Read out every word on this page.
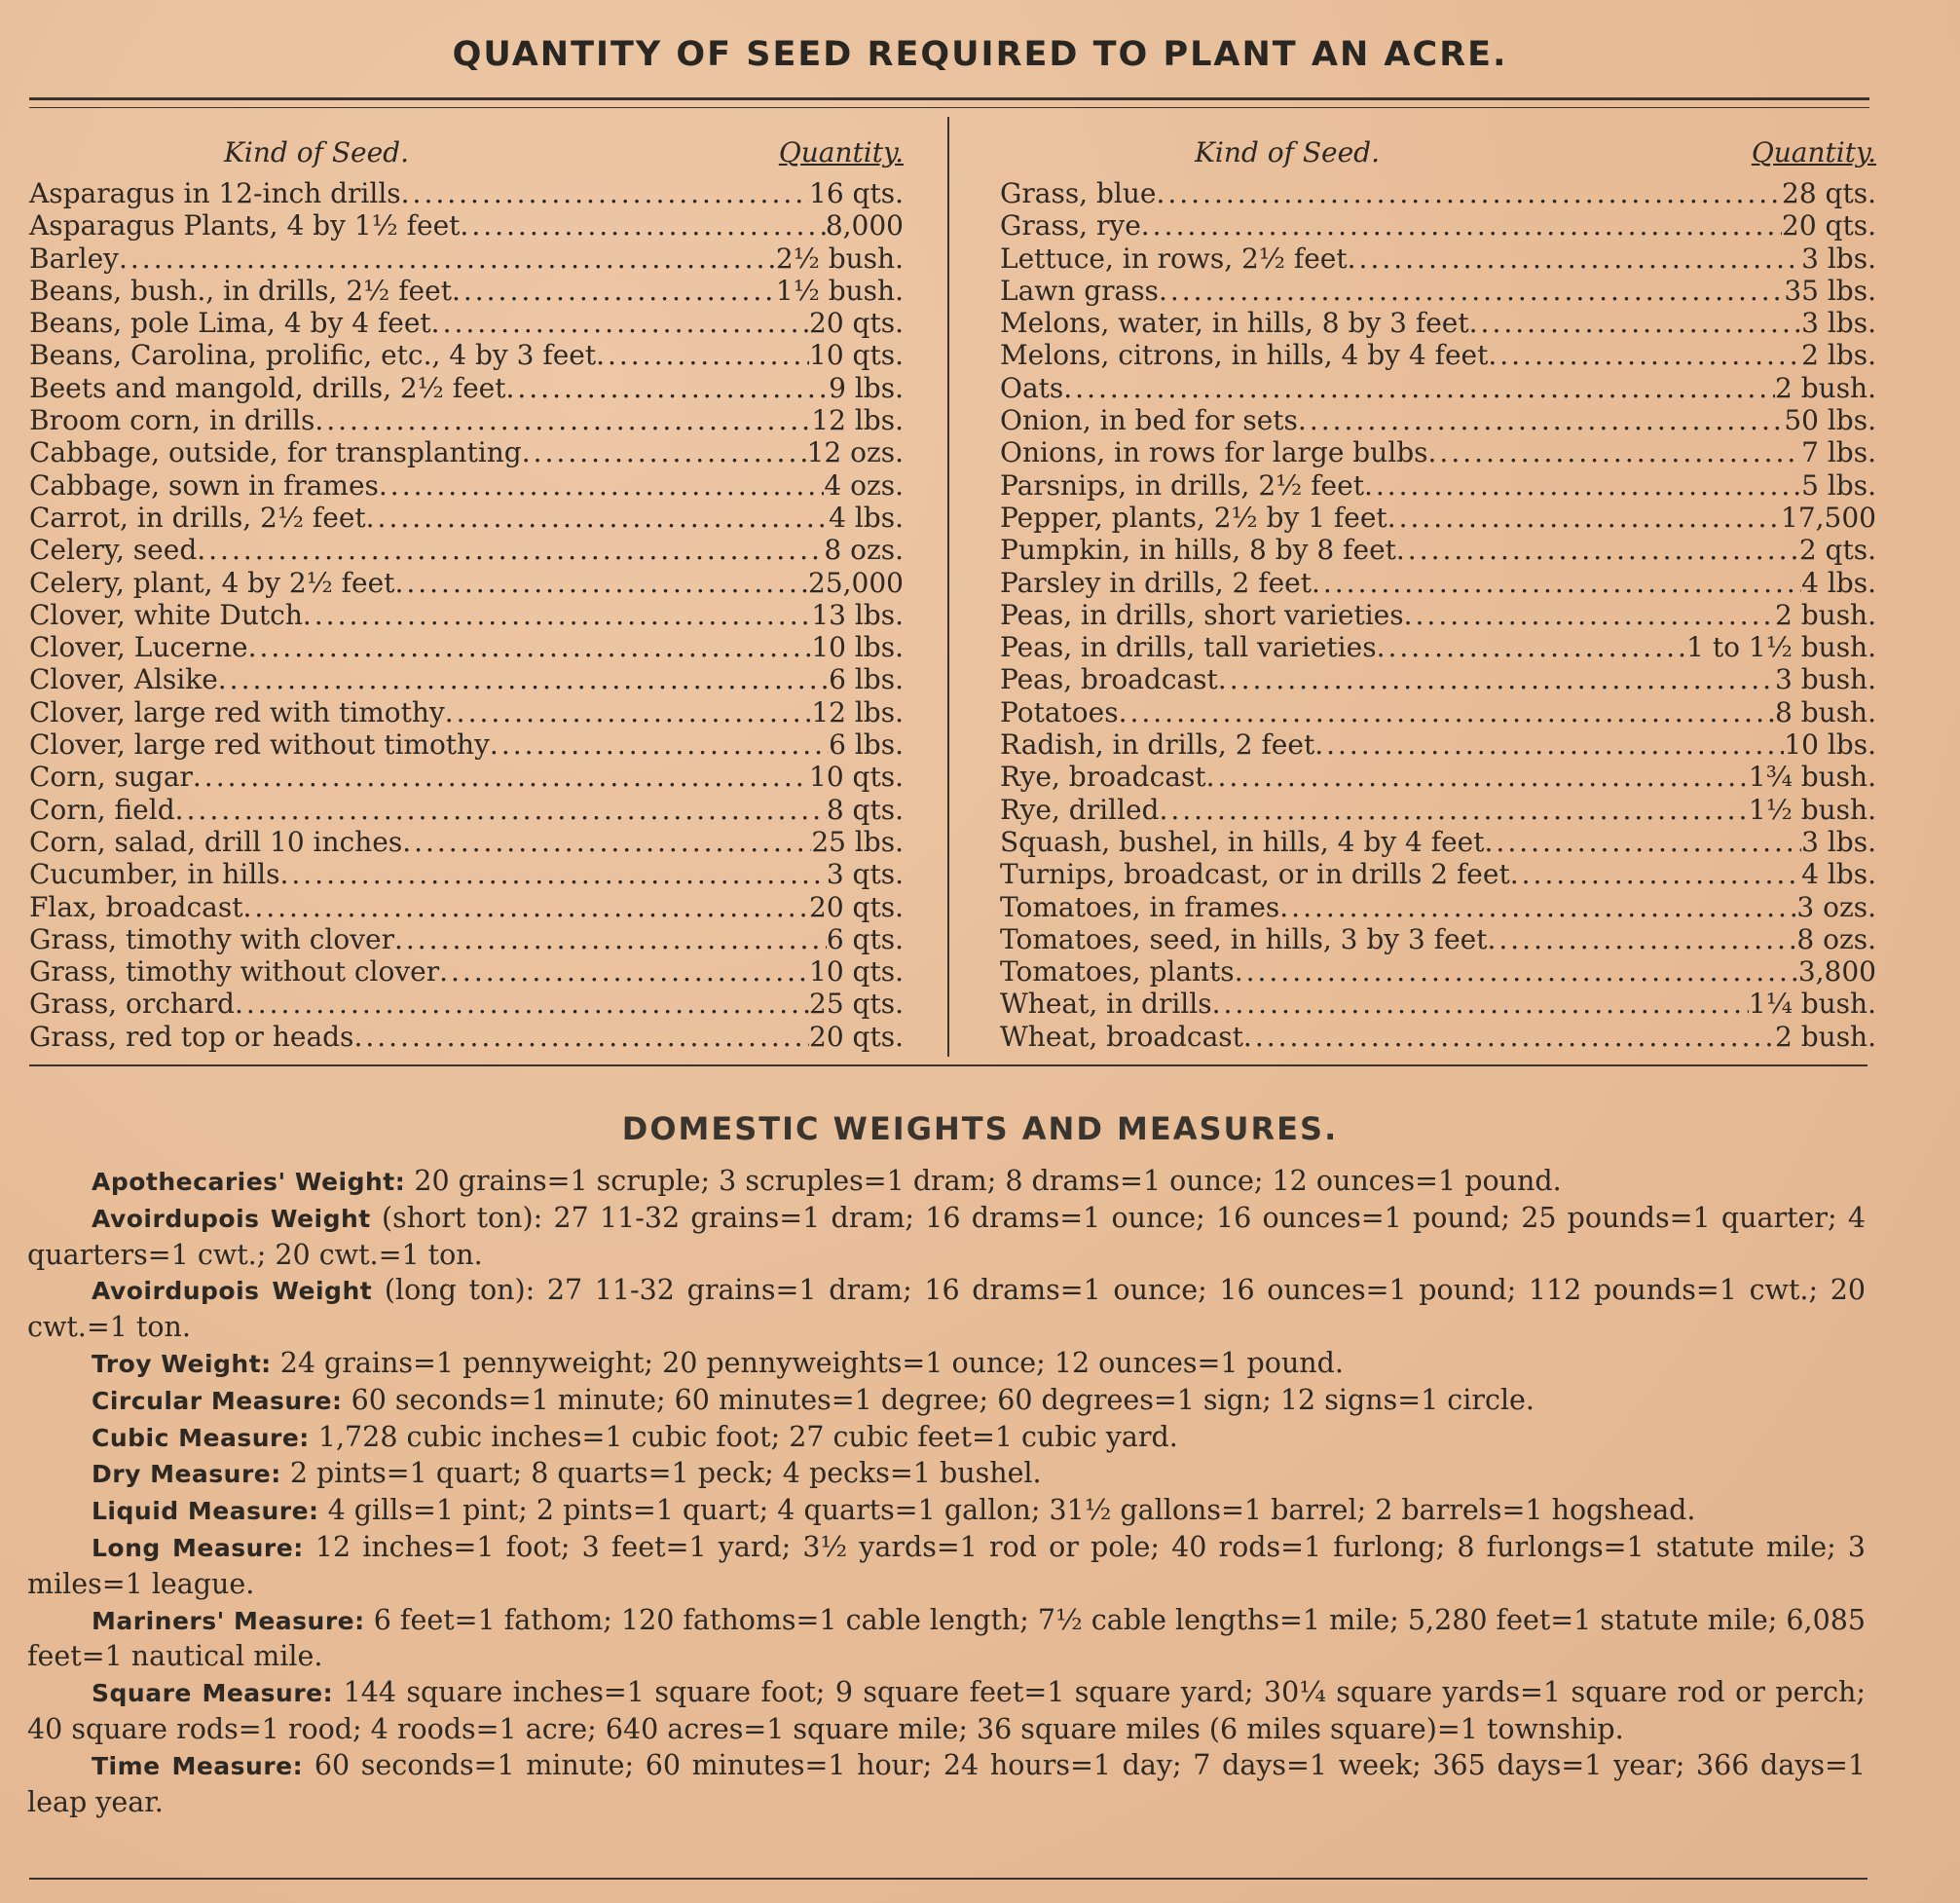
QUANTITY OF SEED REQUIRED TO PLANT AN ACRE.
Kind of Seed.	Quantity.
Asparagus in 12-inch drills .....	16 qts.
Asparagus Plants, 4 by 1½ feet .....	8,000
Barley .....	2½ bush.
Beans, bush., in drills, 2½ feet .....	1½ bush.
Beans, pole Lima, 4 by 4 feet .....	20 qts.
Beans, Carolina, prolific, etc., 4 by 3 feet .....	10 qts.
Beets and mangold, drills, 2½ feet .....	9 lbs.
Broom corn, in drills .....	12 lbs.
Cabbage, outside, for transplanting .....	12 ozs.
Cabbage, sown in frames .....	4 ozs.
Carrot, in drills, 2½ feet .....	4 lbs.
Celery, seed .....	8 ozs.
Celery, plant, 4 by 2½ feet .....	25,000
Clover, white Dutch .....	13 lbs.
Clover, Lucerne .....	10 lbs.
Clover, Alsike .....	6 lbs.
Clover, large red with timothy .....	12 lbs.
Clover, large red without timothy .....	6 lbs.
Corn, sugar .....	10 qts.
Corn, field .....	8 qts.
Corn, salad, drill 10 inches .....	25 lbs.
Cucumber, in hills .....	3 qts.
Flax, broadcast .....	20 qts.
Grass, timothy with clover .....	6 qts.
Grass, timothy without clover .....	10 qts.
Grass, orchard .....	25 qts.
Grass, red top or heads .....	20 qts.
Kind of Seed.	Quantity.
Grass, blue .....	28 qts.
Grass, rye .....	20 qts.
Lettuce, in rows, 2½ feet .....	3 lbs.
Lawn grass .....	35 lbs.
Melons, water, in hills, 8 by 3 feet .....	3 lbs.
Melons, citrons, in hills, 4 by 4 feet .....	2 lbs.
Oats .....	2 bush.
Onion, in bed for sets .....	50 lbs.
Onions, in rows for large bulbs .....	7 lbs.
Parsnips, in drills, 2½ feet .....	5 lbs.
Pepper, plants, 2½ by 1 feet .....	17,500
Pumpkin, in hills, 8 by 8 feet .....	2 qts.
Parsley in drills, 2 feet .....	4 lbs.
Peas, in drills, short varieties .....	2 bush.
Peas, in drills, tall varieties .....	1 to 1½ bush.
Peas, broadcast .....	3 bush.
Potatoes .....	8 bush.
Radish, in drills, 2 feet .....	10 lbs.
Rye, broadcast .....	1¾ bush.
Rye, drilled .....	1½ bush.
Squash, bushel, in hills, 4 by 4 feet .....	3 lbs.
Turnips, broadcast, or in drills 2 feet .....	4 lbs.
Tomatoes, in frames .....	3 ozs.
Tomatoes, seed, in hills, 3 by 3 feet .....	8 ozs.
Tomatoes, plants .....	3,800
Wheat, in drills .....	1¼ bush.
Wheat, broadcast .....	2 bush.
DOMESTIC WEIGHTS AND MEASURES.

Apothecaries' Weight: 20 grains=1 scruple; 3 scruples=1 dram; 8 drams=1 ounce; 12 ounces=1 pound.

Avoirdupois Weight (short ton): 27 11-32 grains=1 dram; 16 drams=1 ounce; 16 ounces=1 pound; 25 pounds=1 quarter; 4 quarters=1 cwt.; 20 cwt.=1 ton.

Avoirdupois Weight (long ton): 27 11-32 grains=1 dram; 16 drams=1 ounce; 16 ounces=1 pound; 112 pounds=1 cwt.; 20 cwt.=1 ton.

Troy Weight: 24 grains=1 pennyweight; 20 pennyweights=1 ounce; 12 ounces=1 pound.

Circular Measure: 60 seconds=1 minute; 60 minutes=1 degree; 60 degrees=1 sign; 12 signs=1 circle.

Cubic Measure: 1,728 cubic inches=1 cubic foot; 27 cubic feet=1 cubic yard.

Dry Measure: 2 pints=1 quart; 8 quarts=1 peck; 4 pecks=1 bushel.

Liquid Measure: 4 gills=1 pint; 2 pints=1 quart; 4 quarts=1 gallon; 31½ gallons=1 barrel; 2 barrels=1 hogshead.

Long Measure: 12 inches=1 foot; 3 feet=1 yard; 3½ yards=1 rod or pole; 40 rods=1 furlong; 8 furlongs=1 statute mile; 3 miles=1 league.

Mariners' Measure: 6 feet=1 fathom; 120 fathoms=1 cable length; 7½ cable lengths=1 mile; 5,280 feet=1 statute mile; 6,085 feet=1 nautical mile.

Square Measure: 144 square inches=1 square foot; 9 square feet=1 square yard; 30¼ square yards=1 square rod or perch; 40 square rods=1 rood; 4 roods=1 acre; 640 acres=1 square mile; 36 square miles (6 miles square)=1 township.

Time Measure: 60 seconds=1 minute; 60 minutes=1 hour; 24 hours=1 day; 7 days=1 week; 365 days=1 year; 366 days=1 leap year.
